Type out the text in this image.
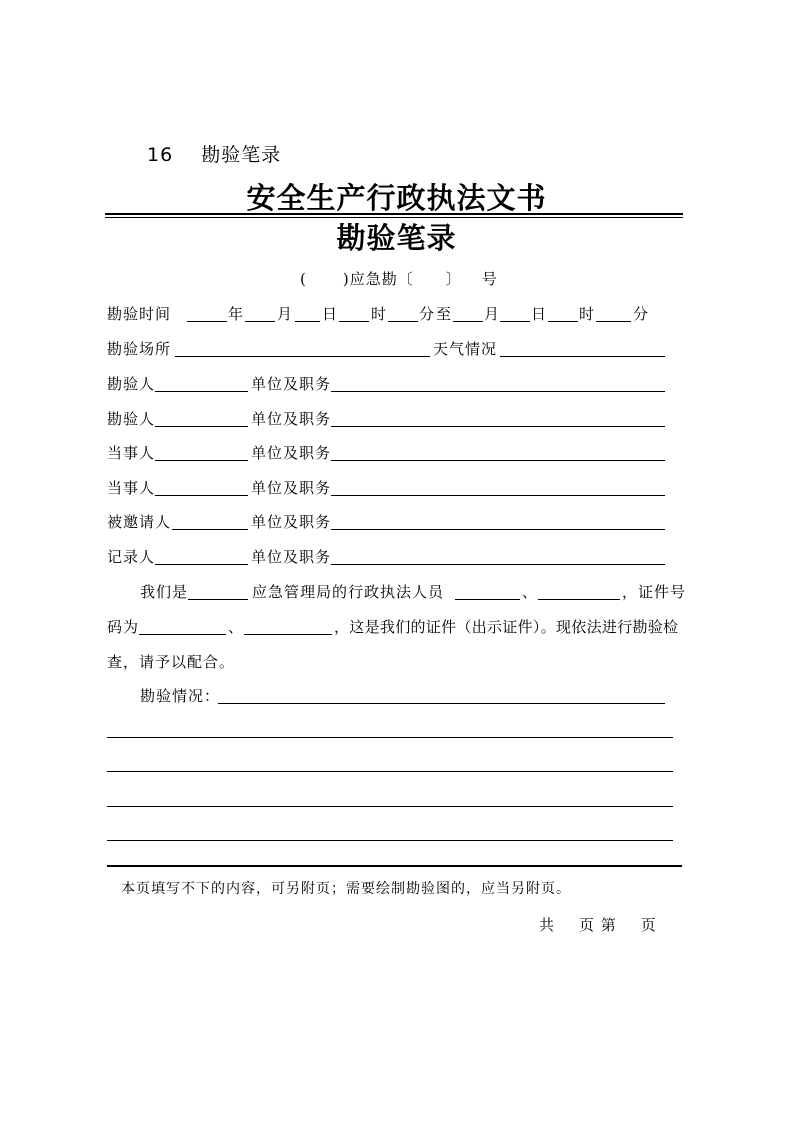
16 勘验笔录
安全生产行政执法文书
勘验笔录
( )应急勘〔 〕 号
勘验时间	年 月 日 时 分 至 月 日 时	分
勘验场所	天气情况
勘验人	单位及职务
勘验人	单位及职务
当事人	单位及职务
当事人	单位及职务
被邀请人	单位及职务
记录人	单位及职务
我们是	应急管理局的行政执法人员	、	，证件号
码为	、	，这是我们的证件（出示证件）。现依法进行勘验检
查，请予以配合。
勘验情况：
本页填写不下的内容，可另附页；需要绘制勘验图的，应当另附页。
共 页 第 页
